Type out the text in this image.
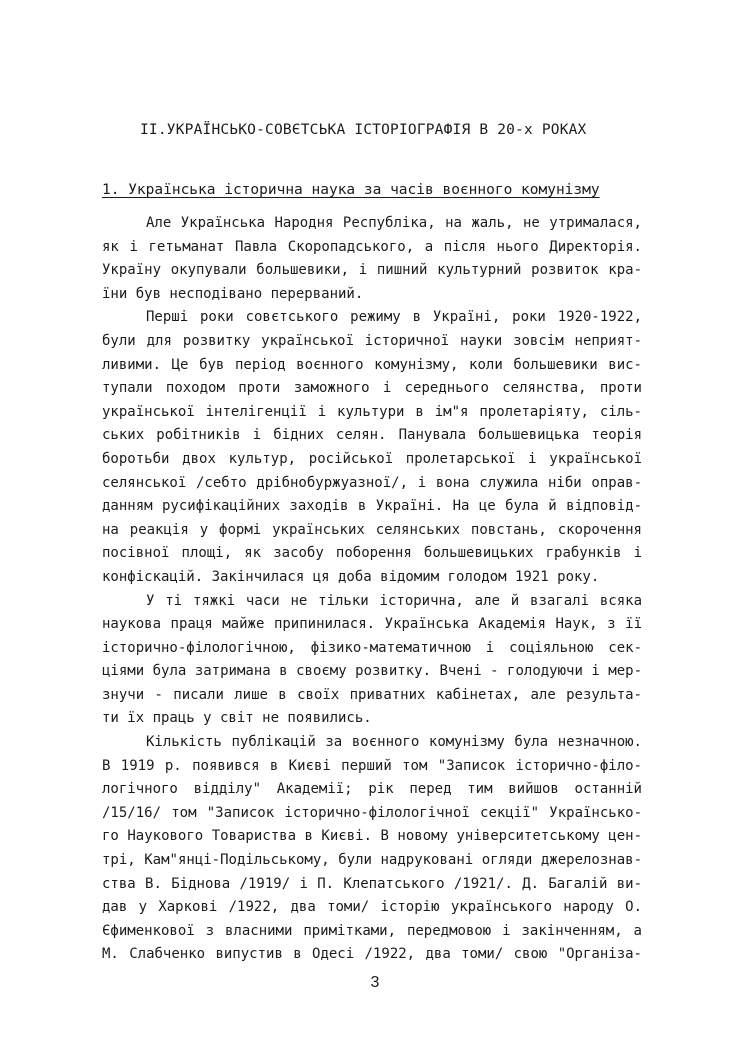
II.УКРАЇНСЬКО-СОВЄТСЬКА ІСТОРІОГРАФІЯ В 20-х РОКАХ
1. Українська історична наука за часів воєнного комунізму
Але Українська Народня Республіка, на жаль, не утрималася,
як і гетьманат Павла Скоропадського, а після нього Директорія.
Україну окупували большевики, і пишний культурний розвиток кра-
їни був несподівано перерваний.
Перші роки совєтського режиму в Україні, роки 1920-1922,
були для розвитку української історичної науки зовсім неприят-
ливими. Це був період воєнного комунізму, коли большевики вис-
тупали походом проти заможного і середнього селянства, проти
української інтелігенції і культури в ім"я пролетаріяту, сіль-
ських робітників і бідних селян. Панувала большевицька теорія
боротьби двох культур, російської пролетарської і української
селянської /себто дрібнобуржуазної/, і вона служила ніби оправ-
данням русифікаційних заходів в Україні. На це була й відповід-
на реакція у формі українських селянських повстань, скорочення
посівної площі, як засобу поборення большевицьких грабунків і
конфіскацій. Закінчилася ця доба відомим голодом 1921 року.
У ті тяжкі часи не тільки історична, але й взагалі всяка
наукова праця майже припинилася. Українська Академія Наук, з її
історично-філологічною, фізико-математичною і соціяльною сек-
ціями була затримана в своєму розвитку. Вчені - голодуючи і мер-
знучи - писали лише в своїх приватних кабінетах, але результа-
ти їх праць у світ не появились.
Кількість публікацій за воєнного комунізму була незначною.
В 1919 р. появився в Києві перший том "Записок історично-філо-
логічного відділу" Академії; рік перед тим вийшов останній
/15/16/ том "Записок історично-філологічної секції" Українсько-
го Наукового Товариства в Києві. В новому університетському цен-
трі, Кам"янці-Подільському, були надруковані огляди джерелознав-
ства В. Біднова /1919/ і П. Клепатського /1921/. Д. Багалій ви-
дав у Харкові /1922, два томи/ історію українського народу О.
Єфименкової з власними примітками, передмовою і закінченням, а
М. Слабченко випустив в Одесі /1922, два томи/ свою "Організа-
3
